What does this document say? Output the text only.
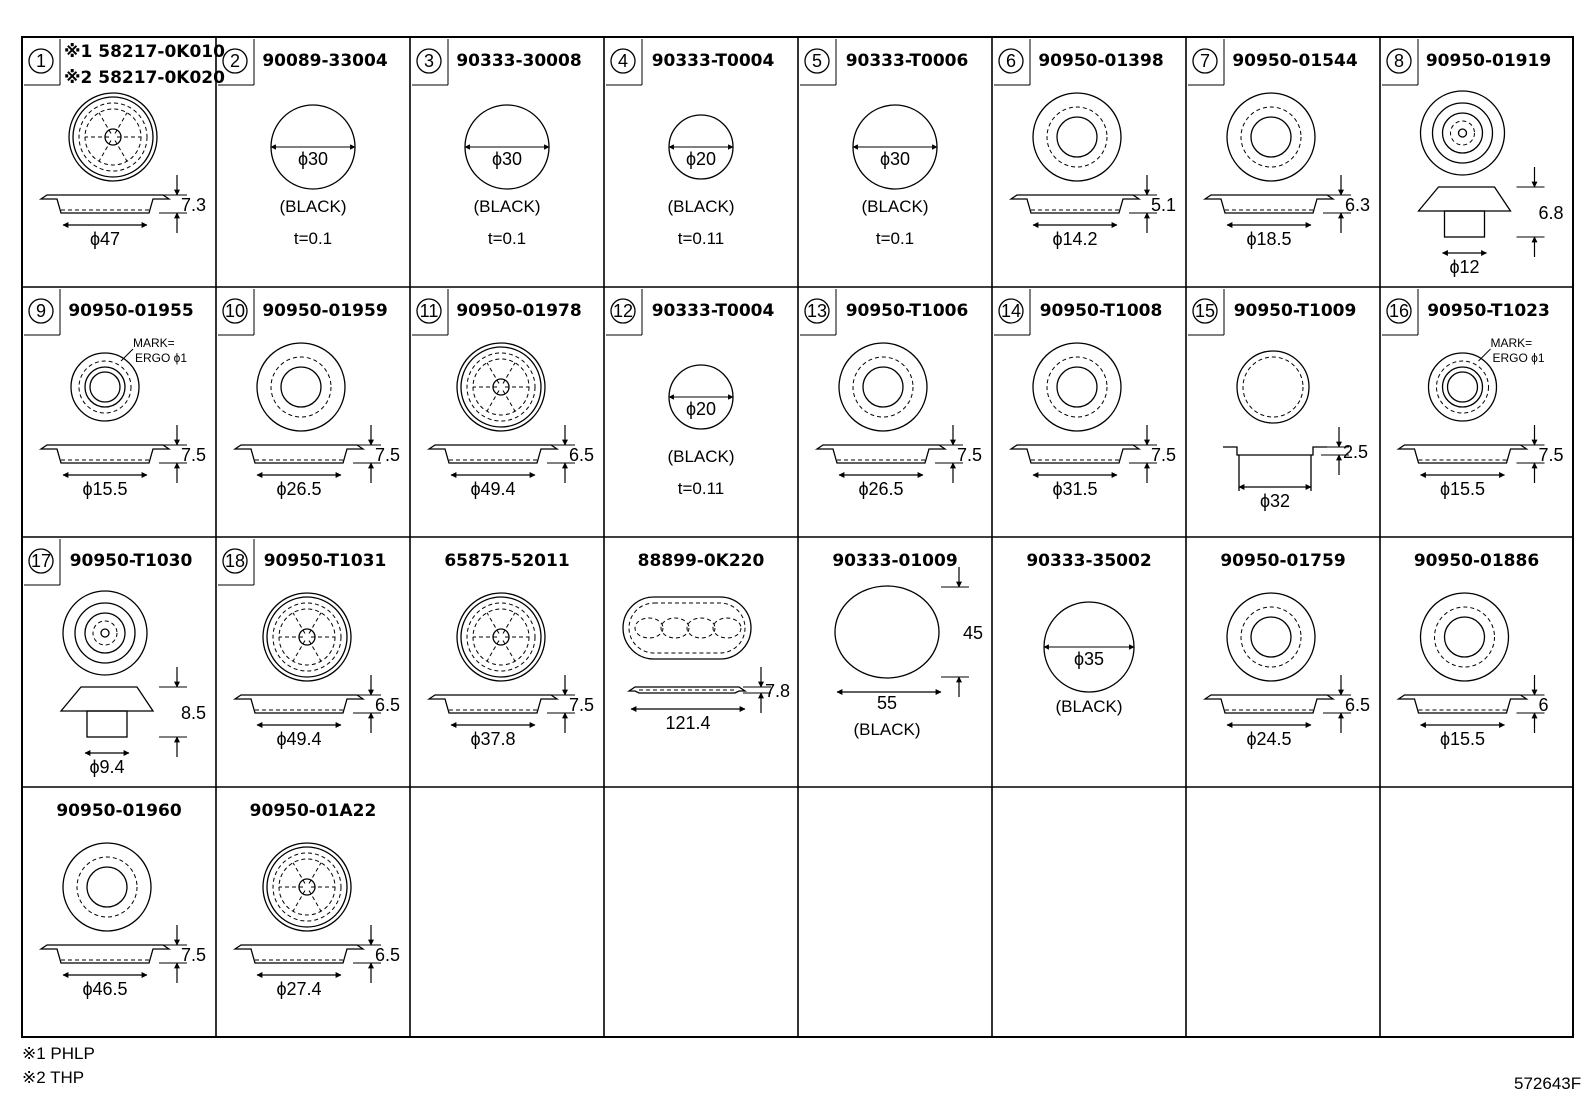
1 ※1 58217-0K010
※2 58217-0K020
7.3
ϕ47
2 90089-33004
ϕ30
(BLACK)
t=0.1
3 90333-30008
ϕ30
(BLACK)
t=0.1
4 90333-T0004
ϕ20
(BLACK)
t=0.11
5 90333-T0006
ϕ30
(BLACK)
t=0.1
6 90950-01398
5.1
ϕ14.2
7 90950-01544
6.3
ϕ18.5
8 90950-01919
6.8
ϕ12
9 90950-01955
MARK=
ERGO ϕ1
7.5
ϕ15.5
10 90950-01959
7.5
ϕ26.5
11 90950-01978
6.5
ϕ49.4
12 90333-T0004
ϕ20
(BLACK)
t=0.11
13 90950-T1006
7.5
ϕ26.5
14 90950-T1008
7.5
ϕ31.5
15 90950-T1009
2.5
ϕ32
16 90950-T1023
MARK=
ERGO ϕ1
7.5
ϕ15.5
17 90950-T1030
8.5
ϕ9.4
18 90950-T1031
6.5
ϕ49.4
65875-52011
7.5
ϕ37.8
88899-0K220
7.8
121.4
90333-01009
45
55
(BLACK)
90333-35002
ϕ35
(BLACK)
90950-01759
6.5
ϕ24.5
90950-01886
6
ϕ15.5
90950-01960
7.5
ϕ46.5
90950-01A22
6.5
ϕ27.4
※1 PHLP
※2 THP	572643F
